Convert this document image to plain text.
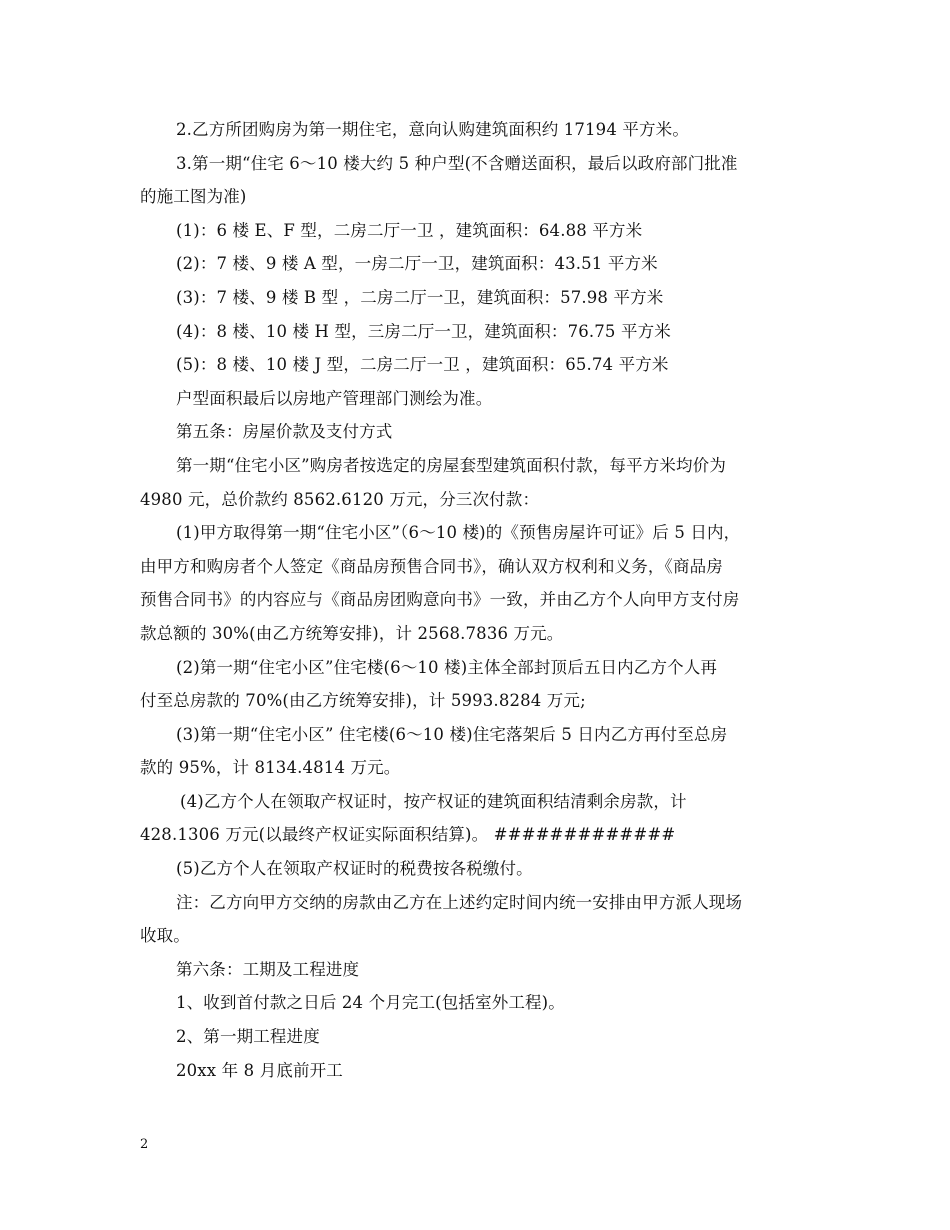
2.乙方所团购房为第一期住宅，意向认购建筑面积约 17194 平方米。
3.第一期“住宅 6～10 楼大约 5 种户型(不含赠送面积，最后以政府部门批准
的施工图为准)
(1)：6 楼 E、F 型，二房二厅一卫 ，建筑面积：64.88 平方米
(2)：7 楼、9 楼 A 型，一房二厅一卫，建筑面积：43.51 平方米
(3)：7 楼、9 楼 B 型 ，二房二厅一卫，建筑面积：57.98 平方米
(4)：8 楼、10 楼 H 型，三房二厅一卫，建筑面积：76.75 平方米
(5)：8 楼、10 楼 J 型，二房二厅一卫 ，建筑面积：65.74 平方米
户型面积最后以房地产管理部门测绘为准。
第五条：房屋价款及支付方式
第一期“住宅小区”购房者按选定的房屋套型建筑面积付款，每平方米均价为
4980 元，总价款约 8562.6120 万元，分三次付款：
(1)甲方取得第一期“住宅小区”（6～10 楼)的《预售房屋许可证》后 5 日内，
由甲方和购房者个人签定《商品房预售合同书》，确认双方权利和义务，《商品房
预售合同书》的内容应与《商品房团购意向书》一致，并由乙方个人向甲方支付房
款总额的 30%(由乙方统筹安排)，计 2568.7836 万元。
(2)第一期“住宅小区”住宅楼(6～10 楼)主体全部封顶后五日内乙方个人再
付至总房款的 70%(由乙方统筹安排)，计 5993.8284 万元;
(3)第一期“住宅小区” 住宅楼(6～10 楼)住宅落架后 5 日内乙方再付至总房
款的 95%，计 8134.4814 万元。
(4)乙方个人在领取产权证时，按产权证的建筑面积结清剩余房款，计
428.1306 万元(以最终产权证实际面积结算)。 #############
(5)乙方个人在领取产权证时的税费按各税缴付。
注：乙方向甲方交纳的房款由乙方在上述约定时间内统一安排由甲方派人现场
收取。
第六条：工期及工程进度
1、收到首付款之日后 24 个月完工(包括室外工程)。
2、第一期工程进度
20xx 年 8 月底前开工
2
